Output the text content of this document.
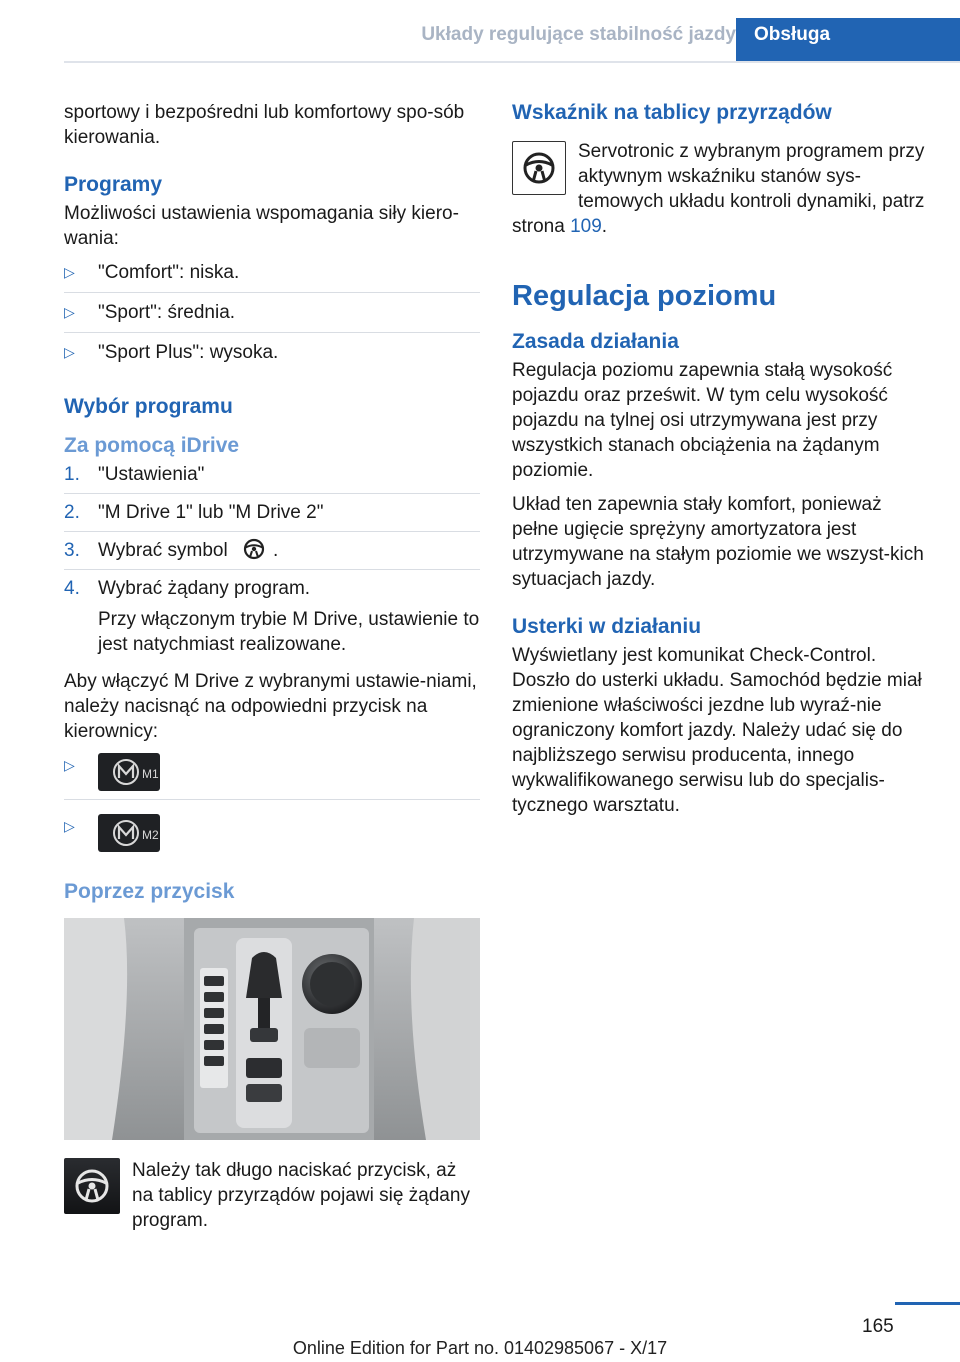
Układy regulujące stabilność jazdy Obsługa

sportowy i bezpośredni lub komfortowy spo-sób kierowania.

Programy

Możliwości ustawienia wspomagania siły kiero-wania:

▷ "Comfort": niska.
▷ "Sport": średnia.
▷ "Sport Plus": wysoka.
Wybór programu
Za pomocą iDrive
1. "Ustawienia"
2. "M Drive 1" lub "M Drive 2"
3. Wybrać symbol .
4. Wybrać żądany program.
Przy włączonym trybie M Drive, ustawienie to jest natychmiast realizowane.

Aby włączyć M Drive z wybranymi ustawie-niami, należy nacisnąć na odpowiedni przycisk na kierownicy:

▷
M1
▷
M2
Poprzez przycisk

Należy tak długo naciskać przycisk, aż na tablicy przyrządów pojawi się żądany program.

Wskaźnik na tablicy przyrządów

Servotronic z wybranym programem przy aktywnym wskaźniku stanów sys-temowych układu kontroli dynamiki, patrz strona 109.

Regulacja poziomu
Zasada działania

Regulacja poziomu zapewnia stałą wysokość pojazdu oraz prześwit. W tym celu wysokość pojazdu na tylnej osi utrzymywana jest przy wszystkich stanach obciążenia na żądanym poziomie.

Układ ten zapewnia stały komfort, ponieważ pełne ugięcie sprężyny amortyzatora jest utrzymywane na stałym poziomie we wszyst-kich sytuacjach jazdy.

Usterki w działaniu

Wyświetlany jest komunikat Check-Control. Doszło do usterki układu. Samochód będzie miał zmienione właściwości jezdne lub wyraź-nie ograniczony komfort jazdy. Należy udać się do najbliższego serwisu producenta, innego wykwalifikowanego serwisu lub do specjalis-tycznego warsztatu.

165
Online Edition for Part no. 01402985067 - X/17
